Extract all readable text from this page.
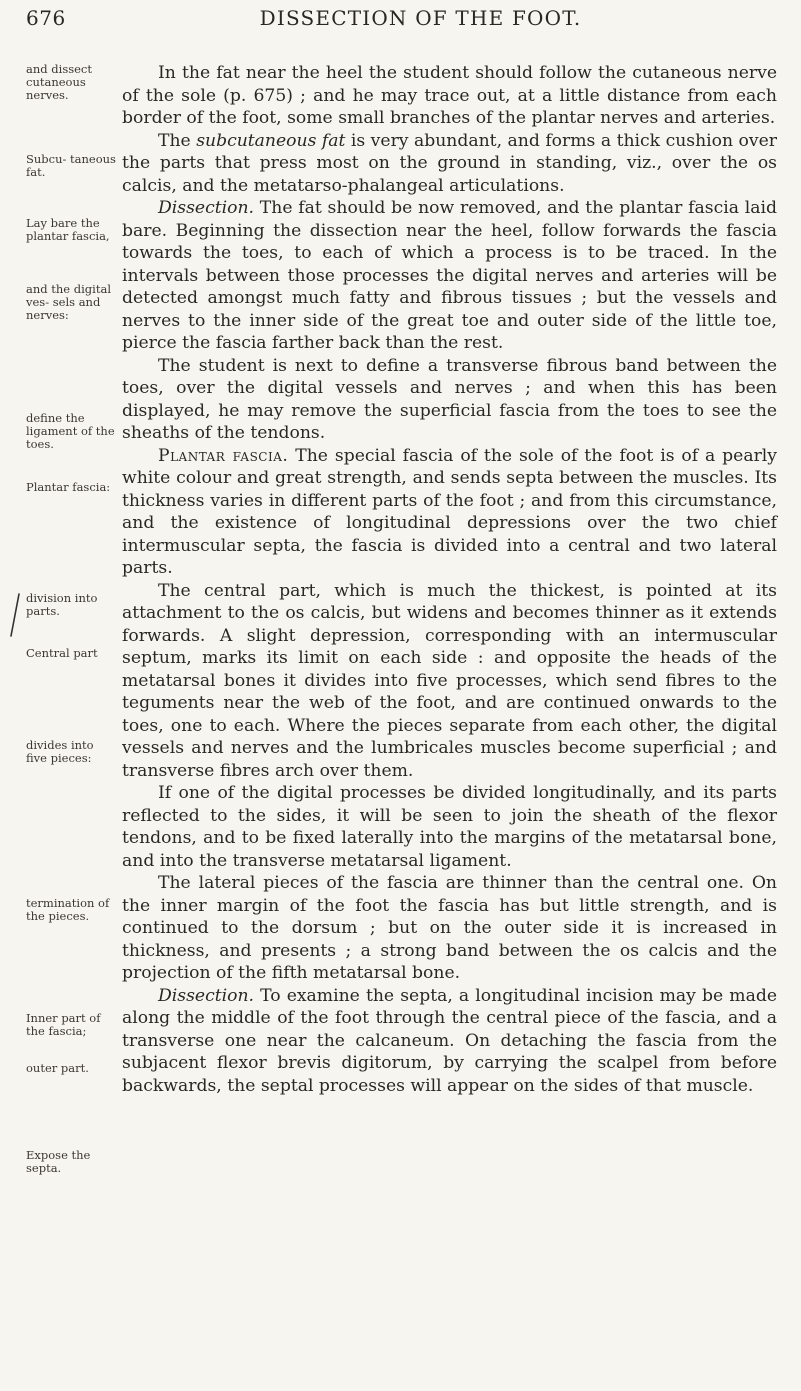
676	DISSECTION OF THE FOOT.
and dissect cutaneous nerves.
Subcu- taneous fat.
Lay bare the plantar fascia,
and the digital ves- sels and nerves:
define the ligament of the toes.
Plantar fascia:
division into parts.
Central part
divides into five pieces:
termination of the pieces.
Inner part of the fascia;
outer part.
Expose the septa.

In the fat near the heel the student should follow the cutaneous nerve of the sole (p. 675) ; and he may trace out, at a little distance from each border of the foot, some small branches of the plantar nerves and arteries.

The subcutaneous fat is very abundant, and forms a thick cushion over the parts that press most on the ground in standing, viz., over the os calcis, and the metatarso-phalangeal articulations.

Dissection. The fat should be now removed, and the plantar fascia laid bare. Beginning the dissection near the heel, follow forwards the fascia towards the toes, to each of which a process is to be traced. In the intervals between those processes the digital nerves and arteries will be detected amongst much fatty and fibrous tissues ; but the vessels and nerves to the inner side of the great toe and outer side of the little toe, pierce the fascia farther back than the rest.

The student is next to define a transverse fibrous band between the toes, over the digital vessels and nerves ; and when this has been displayed, he may remove the superficial fascia from the toes to see the sheaths of the tendons.

Plantar fascia. The special fascia of the sole of the foot is of a pearly white colour and great strength, and sends septa between the muscles. Its thickness varies in different parts of the foot ; and from this circumstance, and the existence of longitudinal depressions over the two chief intermuscular septa, the fascia is divided into a central and two lateral parts.

The central part, which is much the thickest, is pointed at its attachment to the os calcis, but widens and becomes thinner as it extends forwards. A slight depression, corresponding with an intermuscular septum, marks its limit on each side : and opposite the heads of the metatarsal bones it divides into five processes, which send fibres to the teguments near the web of the foot, and are continued onwards to the toes, one to each. Where the pieces separate from each other, the digital vessels and nerves and the lumbricales muscles become superficial ; and transverse fibres arch over them.

If one of the digital processes be divided longitudinally, and its parts reflected to the sides, it will be seen to join the sheath of the flexor tendons, and to be fixed laterally into the margins of the metatarsal bone, and into the transverse metatarsal ligament.

The lateral pieces of the fascia are thinner than the central one. On the inner margin of the foot the fascia has but little strength, and is continued to the dorsum ; but on the outer side it is increased in thickness, and presents ; a strong band between the os calcis and the projection of the fifth metatarsal bone.

Dissection. To examine the septa, a longitudinal incision may be made along the middle of the foot through the central piece of the fascia, and a transverse one near the calcaneum. On detaching the fascia from the subjacent flexor brevis digitorum, by carrying the scalpel from before backwards, the septal processes will appear on the sides of that muscle.
